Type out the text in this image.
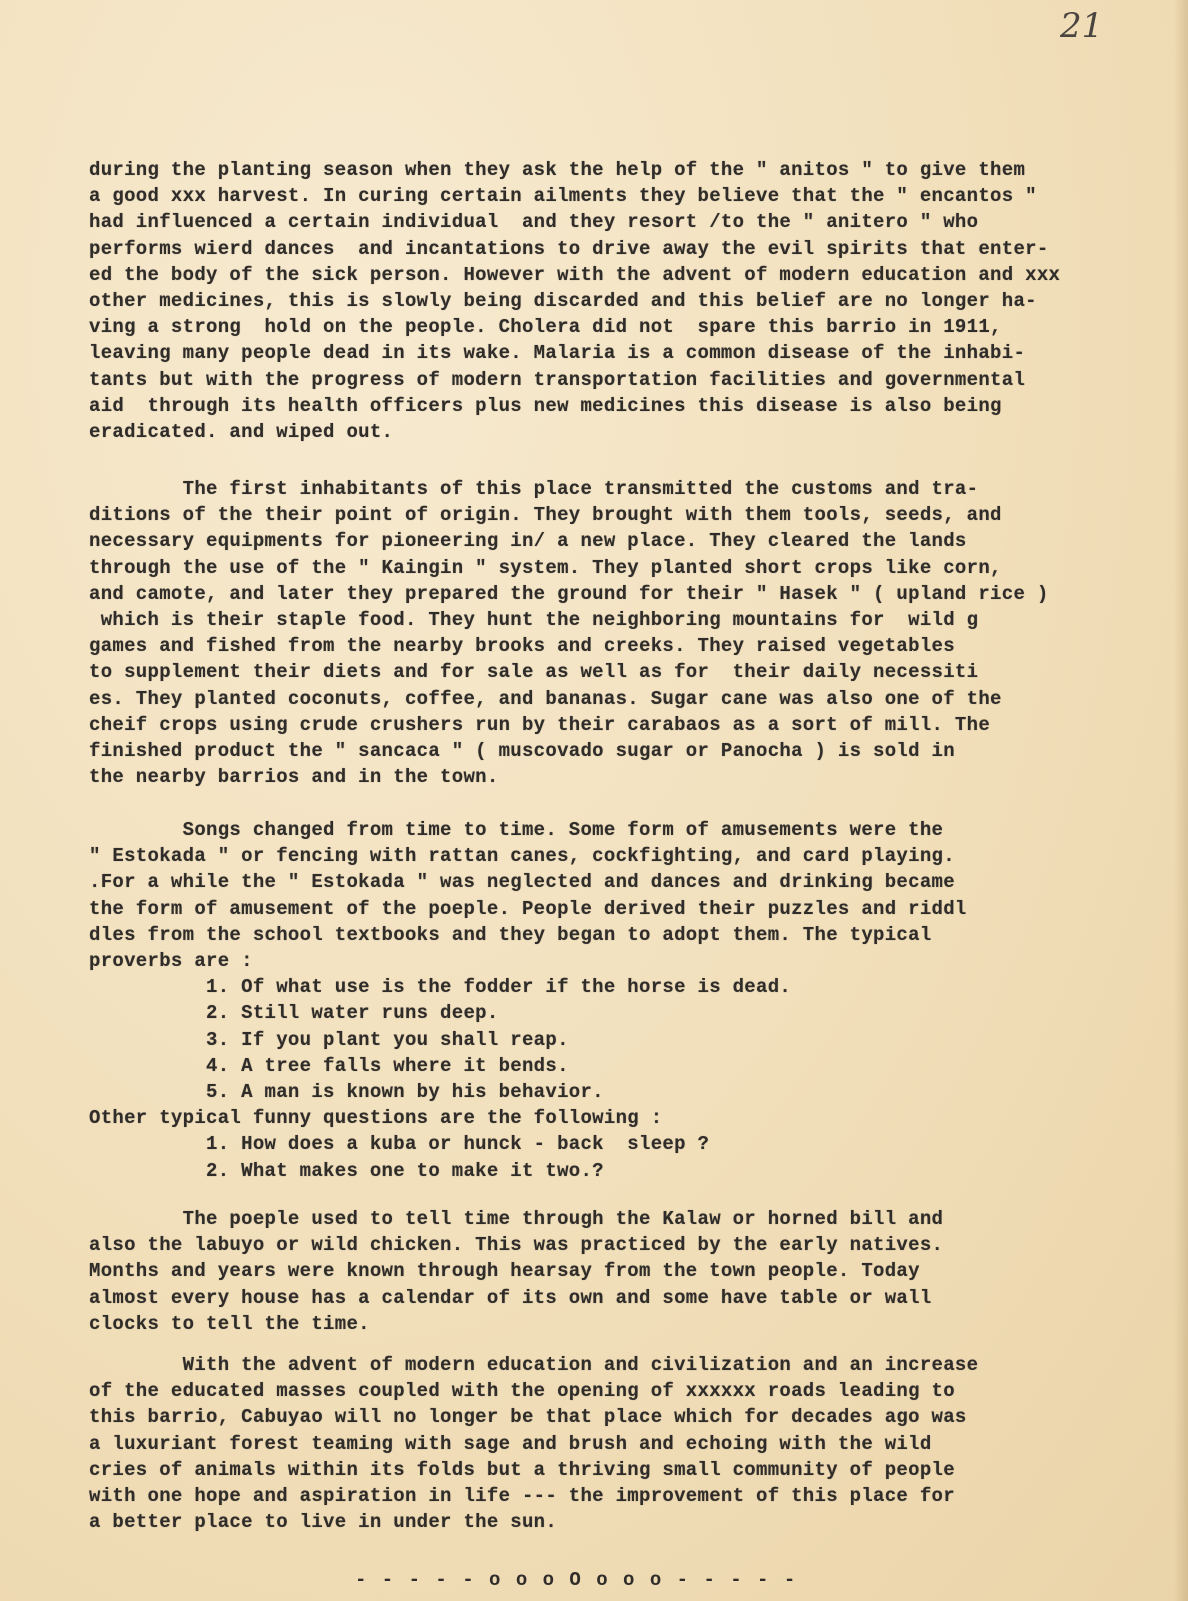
21
during the planting season when they ask the help of the " anitos " to give them
a good xxx harvest. In curing certain ailments they believe that the " encantos "
had influenced a certain individual  and they resort /to the " anitero " who
performs wierd dances  and incantations to drive away the evil spirits that enter-
ed the body of the sick person. However with the advent of modern education and xxx
other medicines, this is slowly being discarded and this belief are no longer ha-
ving a strong  hold on the people. Cholera did not  spare this barrio in 1911,
leaving many people dead in its wake. Malaria is a common disease of the inhabi-
tants but with the progress of modern transportation facilities and governmental
aid  through its health officers plus new medicines this disease is also being
eradicated. and wiped out.
The first inhabitants of this place transmitted the customs and tra-
ditions of the their point of origin. They brought with them tools, seeds, and
necessary equipments for pioneering in/ a new place. They cleared the lands
through the use of the " Kaingin " system. They planted short crops like corn,
and camote, and later they prepared the ground for their " Hasek " ( upland rice )
which is their staple food. They hunt the neighboring mountains for  wild g
games and fished from the nearby brooks and creeks. They raised vegetables
to supplement their diets and for sale as well as for  their daily necessiti
es. They planted coconuts, coffee, and bananas. Sugar cane was also one of the
cheif crops using crude crushers run by their carabaos as a sort of mill. The
finished product the " sancaca " ( muscovado sugar or Panocha ) is sold in
the nearby barrios and in the town.
Songs changed from time to time. Some form of amusements were the
" Estokada " or fencing with rattan canes, cockfighting, and card playing.
.For a while the " Estokada " was neglected and dances and drinking became
the form of amusement of the poeple. People derived their puzzles and riddl
dles from the school textbooks and they began to adopt them. The typical
proverbs are :
1. Of what use is the fodder if the horse is dead.
2. Still water runs deep.
3. If you plant you shall reap.
4. A tree falls where it bends.
5. A man is known by his behavior.
Other typical funny questions are the following :
1. How does a kuba or hunck - back  sleep ?
2. What makes one to make it two.?
The poeple used to tell time through the Kalaw or horned bill and
also the labuyo or wild chicken. This was practiced by the early natives.
Months and years were known through hearsay from the town people. Today
almost every house has a calendar of its own and some have table or wall
clocks to tell the time.
With the advent of modern education and civilization and an increase
of the educated masses coupled with the opening of xxxxxx roads leading to
this barrio, Cabuyao will no longer be that place which for decades ago was
a luxuriant forest teaming with sage and brush and echoing with the wild
cries of animals within its folds but a thriving small community of people
with one hope and aspiration in life --- the improvement of this place for
a better place to live in under the sun.
- - - - - o o o O o o o - - - - -
